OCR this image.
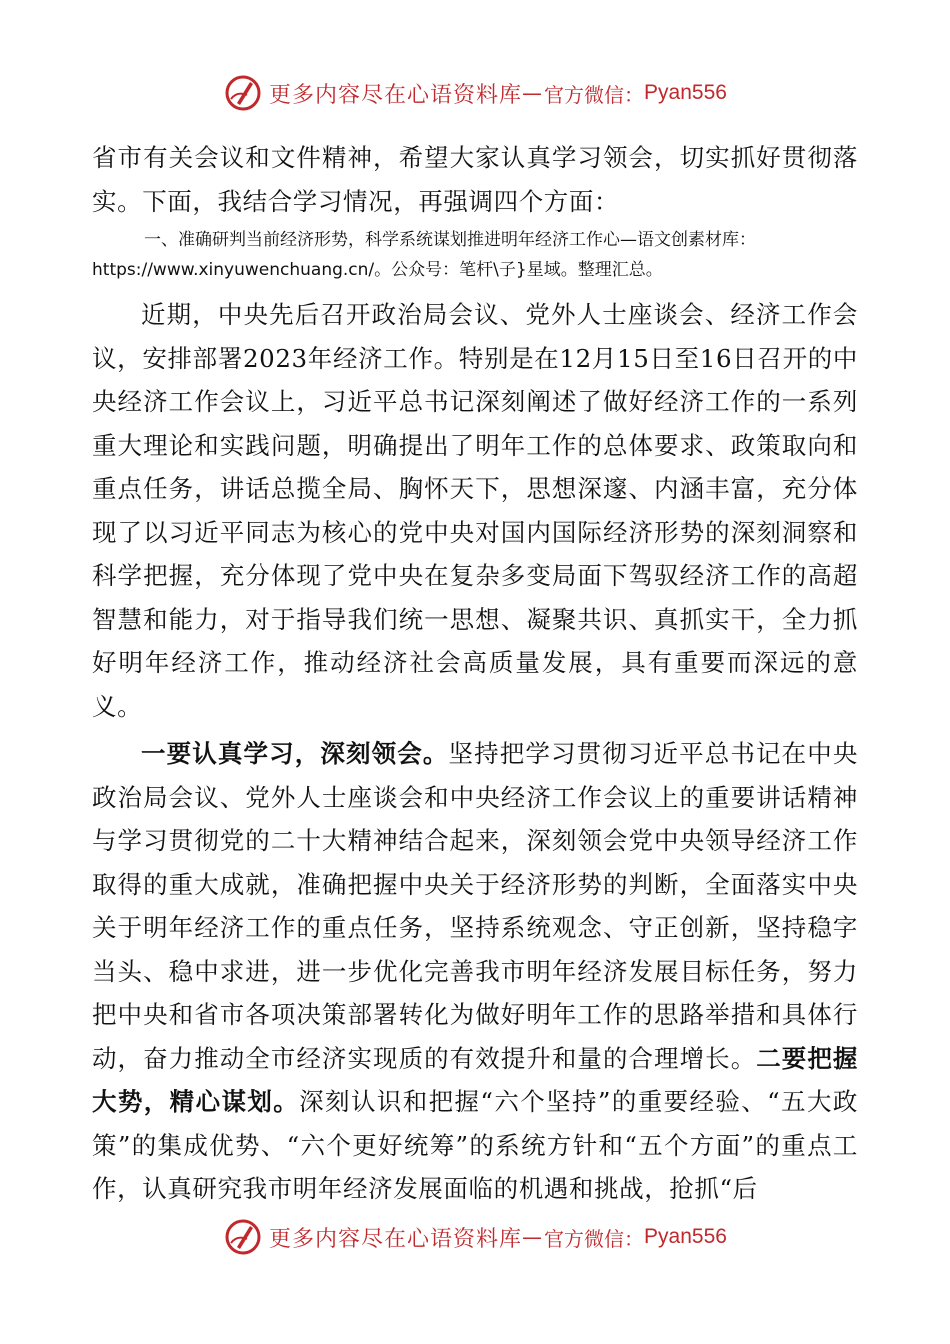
更多内容尽在心语资料库 — 官方微信： Pyan556

省市有关会议和文件精神，希望大家认真学习领会，切实抓好贯彻落实。下面，我结合学习情况，再强调四个方面：

一、准确研判当前经济形势，科学系统谋划推进明年经济工作心—语文创素材库：https://www.xinyuwenchuang.cn/。公众号：笔杆\子}星域。整理汇总。

近期，中央先后召开政治局会议、党外人士座谈会、经济工作会议，安排部署2023年经济工作。特别是在12月15日至16日召开的中央经济工作会议上，习近平总书记深刻阐述了做好经济工作的一系列重大理论和实践问题，明确提出了明年工作的总体要求、政策取向和重点任务，讲话总揽全局、胸怀天下，思想深邃、内涵丰富，充分体现了以习近平同志为核心的党中央对国内国际经济形势的深刻洞察和科学把握，充分体现了党中央在复杂多变局面下驾驭经济工作的高超智慧和能力，对于指导我们统一思想、凝聚共识、真抓实干，全力抓好明年经济工作，推动经济社会高质量发展，具有重要而深远的意义。

一要认真学习，深刻领会。坚持把学习贯彻习近平总书记在中央政治局会议、党外人士座谈会和中央经济工作会议上的重要讲话精神与学习贯彻党的二十大精神结合起来，深刻领会党中央领导经济工作取得的重大成就，准确把握中央关于经济形势的判断，全面落实中央关于明年经济工作的重点任务，坚持系统观念、守正创新，坚持稳字当头、稳中求进，进一步优化完善我市明年经济发展目标任务，努力把中央和省市各项决策部署转化为做好明年工作的思路举措和具体行动，奋力推动全市经济实现质的有效提升和量的合理增长。二要把握大势，精心谋划。深刻认识和把握“六个坚持”的重要经验、“五大政策”的集成优势、“六个更好统筹”的系统方针和“五个方面”的重点工作，认真研究我市明年经济发展面临的机遇和挑战，抢抓“后

更多内容尽在心语资料库 — 官方微信： Pyan556
